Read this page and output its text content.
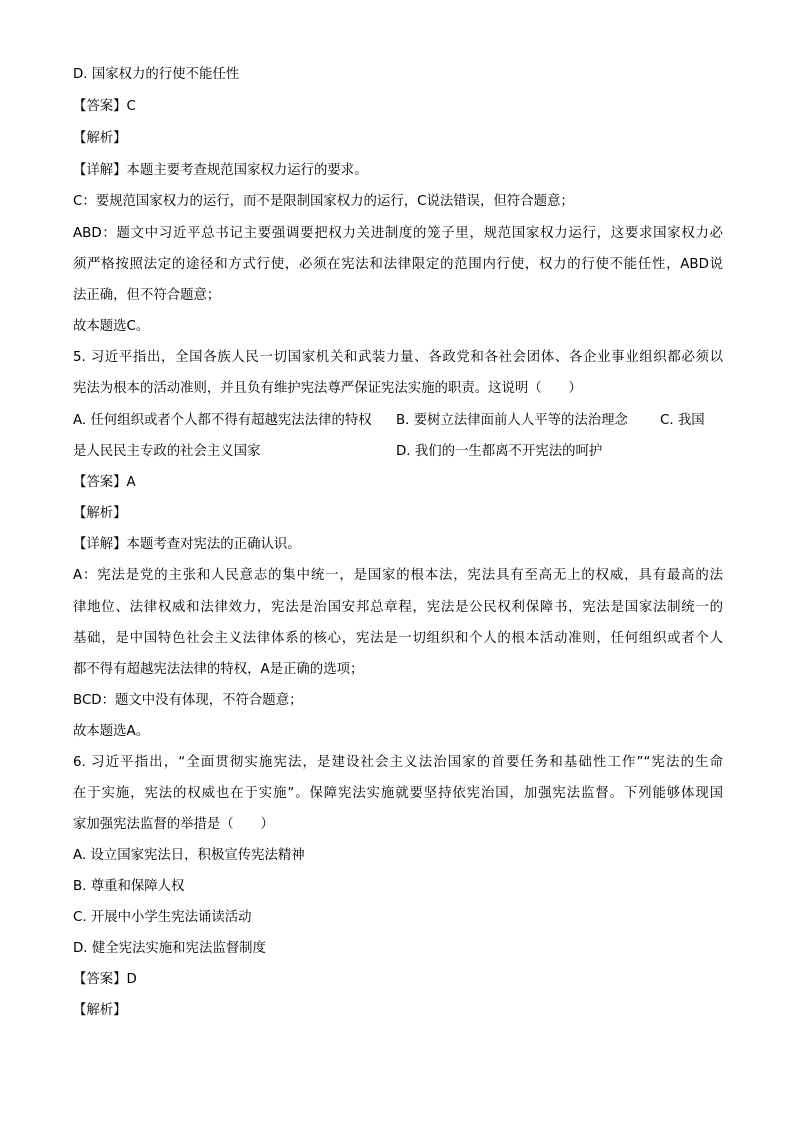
D. 国家权力的行使不能任性
【答案】C
【解析】
【详解】本题主要考查规范国家权力运行的要求。
C：要规范国家权力的运行，而不是限制国家权力的运行，C说法错误，但符合题意；
ABD：题文中习近平总书记主要强调要把权力关进制度的笼子里，规范国家权力运行，这要求国家权力必
须严格按照法定的途径和方式行使，必须在宪法和法律限定的范围内行使，权力的行使不能任性，ABD说
法正确，但不符合题意；
故本题选C。
5. 习近平指出，全国各族人民一切国家机关和武装力量、各政党和各社会团体、各企业事业组织都必须以
宪法为根本的活动准则，并且负有维护宪法尊严保证宪法实施的职责。这说明（　　）
A. 任何组织或者个人都不得有超越宪法法律的特权 B. 要树立法律面前人人平等的法治理念 C. 我国
是人民民主专政的社会主义国家	D. 我们的一生都离不开宪法的呵护
【答案】A
【解析】
【详解】本题考查对宪法的正确认识。
A：宪法是党的主张和人民意志的集中统一，是国家的根本法，宪法具有至高无上的权威，具有最高的法
律地位、法律权威和法律效力，宪法是治国安邦总章程，宪法是公民权利保障书，宪法是国家法制统一的
基础，是中国特色社会主义法律体系的核心，宪法是一切组织和个人的根本活动准则，任何组织或者个人
都不得有超越宪法法律的特权，A是正确的选项；
BCD：题文中没有体现，不符合题意；
故本题选A。
6. 习近平指出，“全面贯彻实施宪法，是建设社会主义法治国家的首要任务和基础性工作”“宪法的生命
在于实施，宪法的权威也在于实施”。保障宪法实施就要坚持依宪治国，加强宪法监督。下列能够体现国
家加强宪法监督的举措是（　　）
A. 设立国家宪法日，积极宣传宪法精神
B. 尊重和保障人权
C. 开展中小学生宪法诵读活动
D. 健全宪法实施和宪法监督制度
【答案】D
【解析】
